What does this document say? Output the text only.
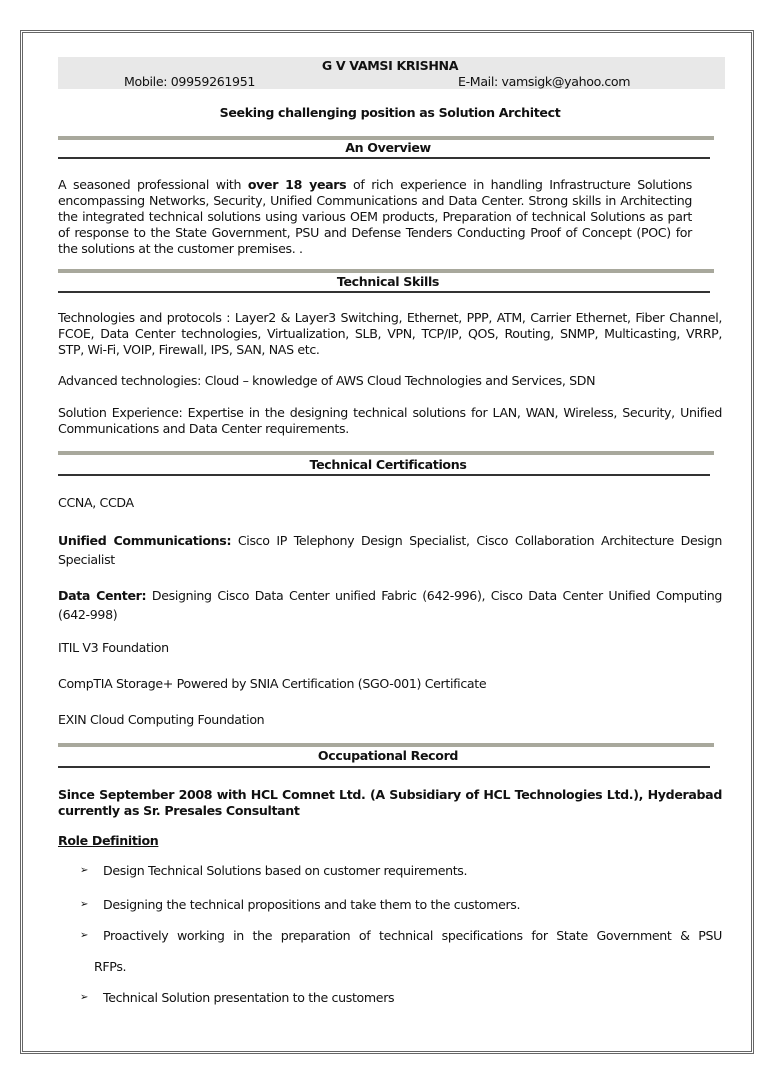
G V VAMSI KRISHNA
Mobile: 09959261951	E-Mail: vamsigk@yahoo.com
Seeking challenging position as Solution Architect
An Overview
A seasoned professional with over 18 years of rich experience in handling Infrastructure Solutions encompassing Networks, Security, Unified Communications and Data Center. Strong skills in Architecting the integrated technical solutions using various OEM products, Preparation of technical Solutions as part of response to the State Government, PSU and Defense Tenders Conducting Proof of Concept (POC) for the solutions at the customer premises. .
Technical Skills
Technologies and protocols : Layer2 & Layer3 Switching, Ethernet, PPP, ATM, Carrier Ethernet, Fiber Channel, FCOE, Data Center technologies, Virtualization, SLB, VPN, TCP/IP, QOS, Routing, SNMP, Multicasting, VRRP, STP, Wi-Fi, VOIP, Firewall, IPS, SAN, NAS etc.
Advanced technologies: Cloud – knowledge of AWS Cloud Technologies and Services, SDN
Solution Experience: Expertise in the designing technical solutions for LAN, WAN, Wireless, Security, Unified Communications and Data Center requirements.
Technical Certifications
CCNA, CCDA
Unified Communications: Cisco IP Telephony Design Specialist, Cisco Collaboration Architecture Design Specialist
Data Center: Designing Cisco Data Center unified Fabric (642-996), Cisco Data Center Unified Computing (642-998)
ITIL V3 Foundation
CompTIA Storage+ Powered by SNIA Certification (SGO-001) Certificate
EXIN Cloud Computing Foundation
Occupational Record
Since September 2008 with HCL Comnet Ltd. (A Subsidiary of HCL Technologies Ltd.), Hyderabad currently as Sr. Presales Consultant
Role Definition
➢ Design Technical Solutions based on customer requirements.
➢ Designing the technical propositions and take them to the customers.
➢ Proactively working in the preparation of technical specifications for State Government & PSU
RFPs.
➢ Technical Solution presentation to the customers
